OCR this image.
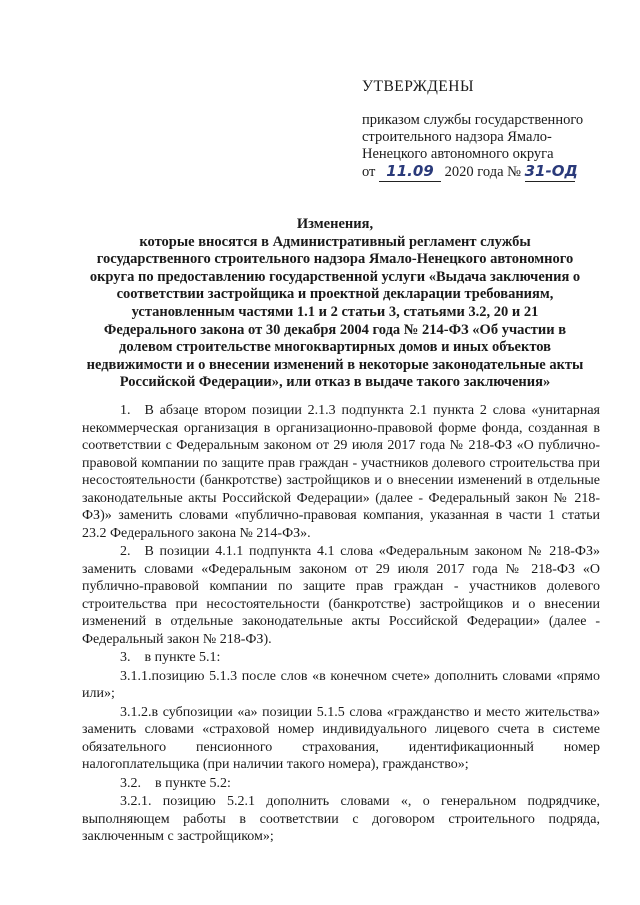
УТВЕРЖДЕНЫ
приказом службы государственного
строительного надзора Ямало-
Ненецкого автономного округа
от 11.09 2020 года № 31-ОД
Изменения,
которые вносятся в Административный регламент службы
государственного строительного надзора Ямало-Ненецкого автономного
округа по предоставлению государственной услуги «Выдача заключения о
соответствии застройщика и проектной декларации требованиям,
установленным частями 1.1 и 2 статьи 3, статьями 3.2, 20 и 21
Федерального закона от 30 декабря 2004 года № 214-ФЗ «Об участии в
долевом строительстве многоквартирных домов и иных объектов
недвижимости и о внесении изменений в некоторые законодательные акты
Российской Федерации», или отказ в выдаче такого заключения»

1. В абзаце втором позиции 2.1.3 подпункта 2.1 пункта 2 слова «унитарная некоммерческая организация в организационно-правовой форме фонда, созданная в соответствии с Федеральным законом от 29 июля 2017 года № 218-ФЗ «О публично-правовой компании по защите прав граждан - участников долевого строительства при несостоятельности (банкротстве) застройщиков и о внесении изменений в отдельные законодательные акты Российской Федерации» (далее - Федеральный закон № 218-ФЗ)» заменить словами «публично-правовая компания, указанная в части 1 статьи 23.2 Федерального закона № 214-ФЗ».

2. В позиции 4.1.1 подпункта 4.1 слова «Федеральным законом № 218-ФЗ» заменить словами «Федеральным законом от 29 июля 2017 года № 218-ФЗ «О публично-правовой компании по защите прав граждан - участников долевого строительства при несостоятельности (банкротстве) застройщиков и о внесении изменений в отдельные законодательные акты Российской Федерации» (далее - Федеральный закон № 218-ФЗ).

3. в пункте 5.1:

3.1.1.позицию 5.1.3 после слов «в конечном счете» дополнить словами «прямо или»;

3.1.2.в субпозиции «а» позиции 5.1.5 слова «гражданство и место жительства» заменить словами «страховой номер индивидуального лицевого счета в системе обязательного пенсионного страхования, идентификационный номер налогоплательщика (при наличии такого номера), гражданство»;

3.2. в пункте 5.2:

3.2.1. позицию 5.2.1 дополнить словами «, о генеральном подрядчике, выполняющем работы в соответствии с договором строительного подряда, заключенным с застройщиком»;
